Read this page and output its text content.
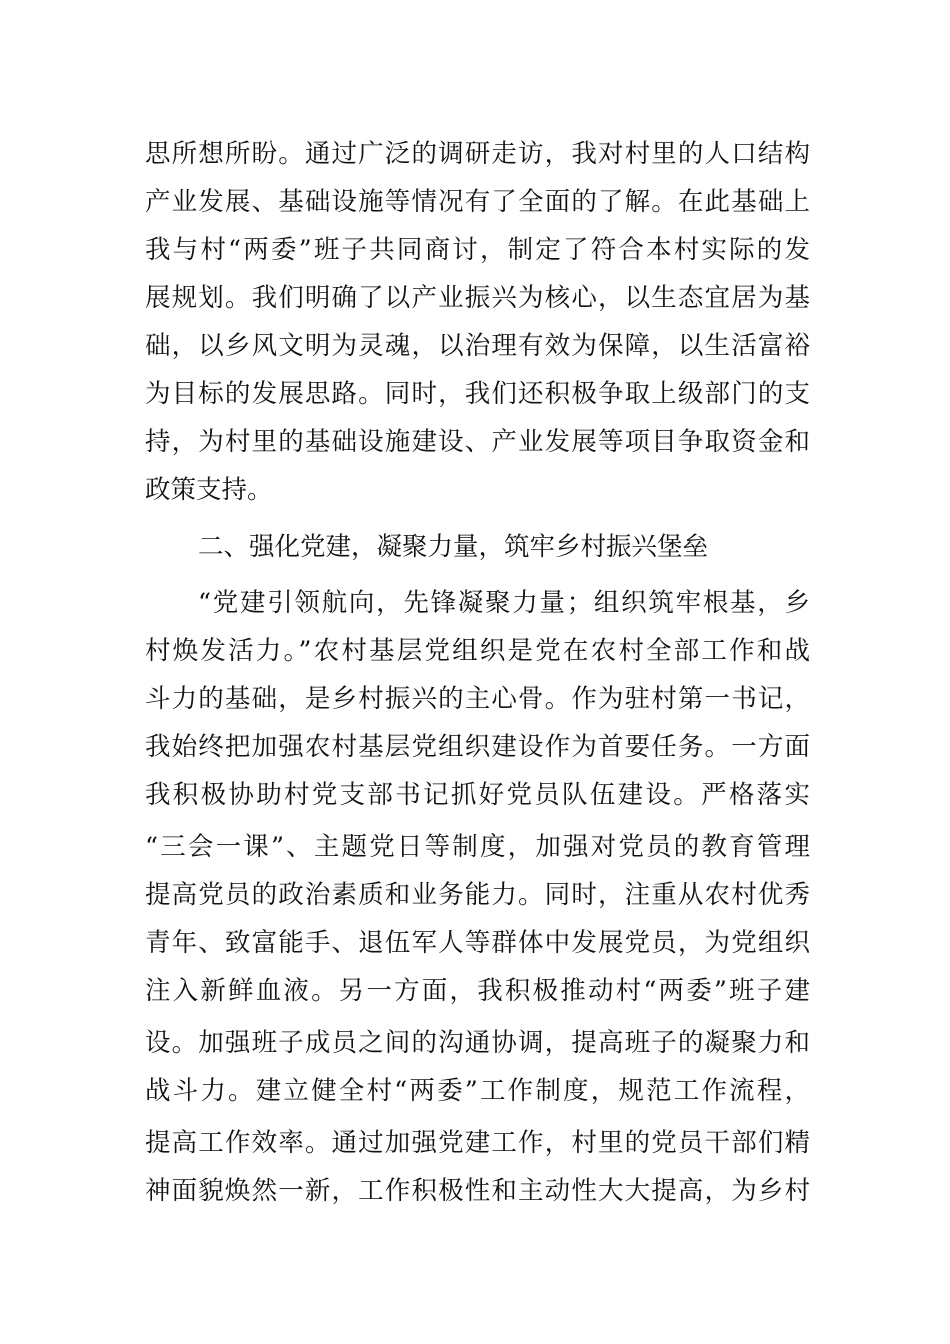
思所想所盼。通过广泛的调研走访，我对村里的人口结构
产业发展、基础设施等情况有了全面的了解。在此基础上
我与村“两委”班子共同商讨，制定了符合本村实际的发
展规划。我们明确了以产业振兴为核心，以生态宜居为基
础，以乡风文明为灵魂，以治理有效为保障，以生活富裕
为目标的发展思路。同时，我们还积极争取上级部门的支
持，为村里的基础设施建设、产业发展等项目争取资金和
政策支持。
二、强化党建，凝聚力量，筑牢乡村振兴堡垒
“党建引领航向，先锋凝聚力量；组织筑牢根基，乡
村焕发活力。”农村基层党组织是党在农村全部工作和战
斗力的基础，是乡村振兴的主心骨。作为驻村第一书记，
我始终把加强农村基层党组织建设作为首要任务。一方面
我积极协助村党支部书记抓好党员队伍建设。严格落实
“三会一课”、主题党日等制度，加强对党员的教育管理
提高党员的政治素质和业务能力。同时，注重从农村优秀
青年、致富能手、退伍军人等群体中发展党员，为党组织
注入新鲜血液。另一方面，我积极推动村“两委”班子建
设。加强班子成员之间的沟通协调，提高班子的凝聚力和
战斗力。建立健全村“两委”工作制度，规范工作流程，
提高工作效率。通过加强党建工作，村里的党员干部们精
神面貌焕然一新，工作积极性和主动性大大提高，为乡村
